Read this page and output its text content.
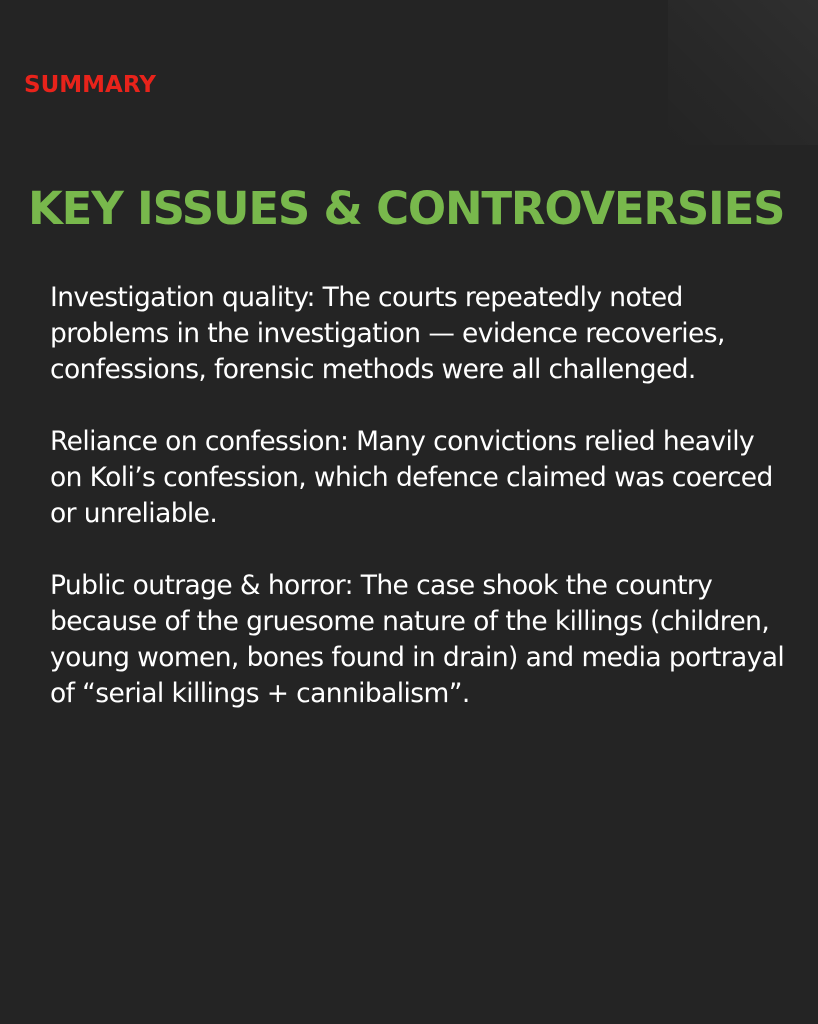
SUMMARY
KEY ISSUES & CONTROVERSIES

Investigation quality: The courts repeatedly noted problems in the investigation — evidence recoveries, confessions, forensic methods were all challenged.

Reliance on confession: Many convictions relied heavily on Koli’s confession, which defence claimed was coerced or unreliable.

Public outrage & horror: The case shook the country because of the gruesome nature of the killings (children, young women, bones found in drain) and media portrayal of “serial killings + cannibalism”.
